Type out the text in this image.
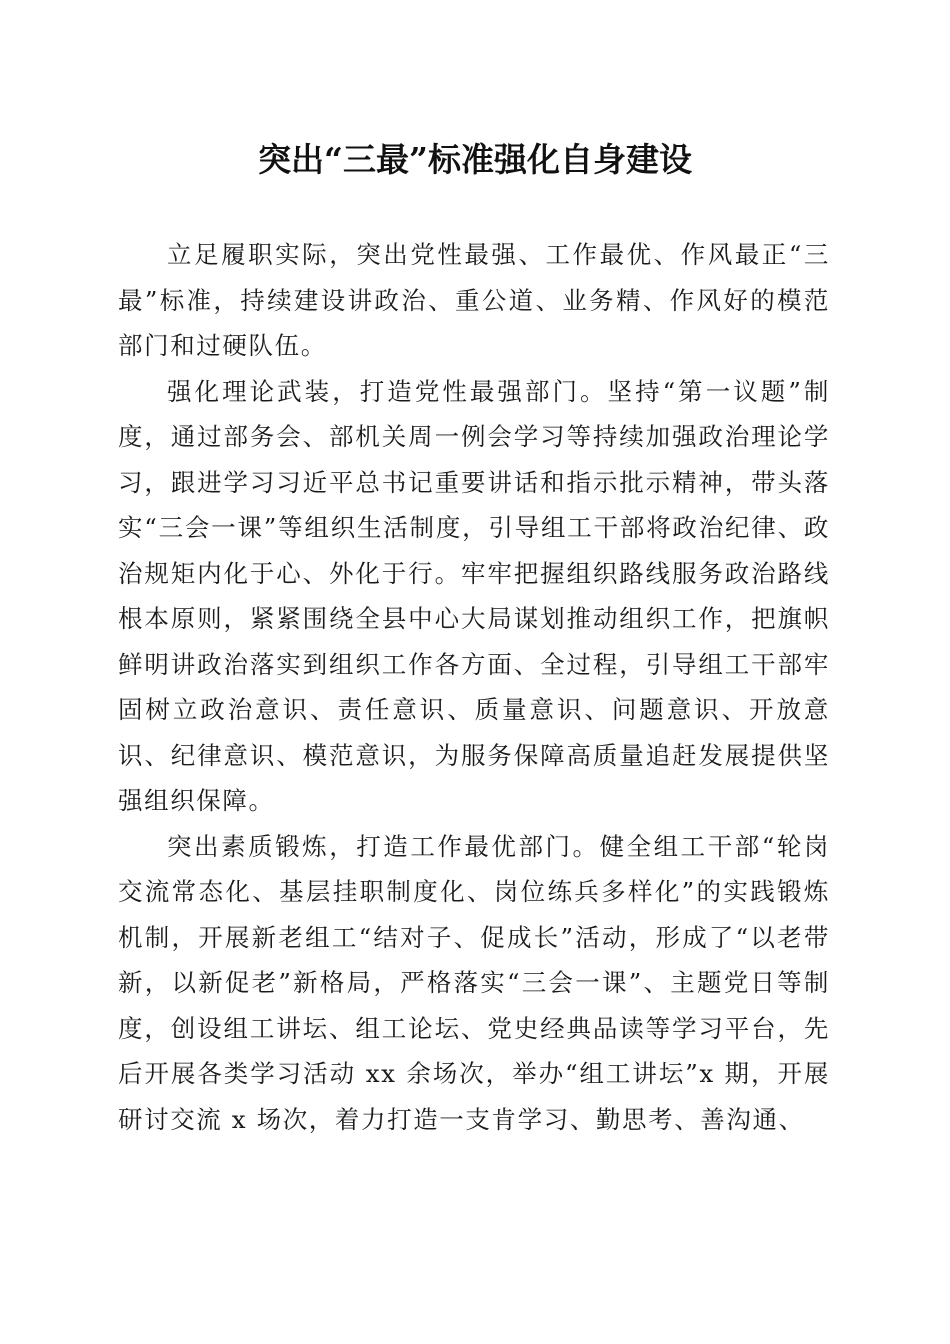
突出“三最”标准强化自身建设

立足履职实际，突出党性最强、工作最优、作风最正“三最”标准，持续建设讲政治、重公道、业务精、作风好的模范部门和过硬队伍。

强化理论武装，打造党性最强部门。坚持“第一议题”制度，通过部务会、部机关周一例会学习等持续加强政治理论学习，跟进学习习近平总书记重要讲话和指示批示精神，带头落实“三会一课”等组织生活制度，引导组工干部将政治纪律、政治规矩内化于心、外化于行。牢牢把握组织路线服务政治路线根本原则，紧紧围绕全县中心大局谋划推动组织工作，把旗帜鲜明讲政治落实到组织工作各方面、全过程，引导组工干部牢固树立政治意识、责任意识、质量意识、问题意识、开放意识、纪律意识、模范意识，为服务保障高质量追赶发展提供坚强组织保障。

突出素质锻炼，打造工作最优部门。健全组工干部“轮岗交流常态化、基层挂职制度化、岗位练兵多样化”的实践锻炼机制，开展新老组工“结对子、促成长”活动，形成了“以老带新，以新促老”新格局，严格落实“三会一课”、主题党日等制度，创设组工讲坛、组工论坛、党史经典品读等学习平台，先后开展各类学习活动 xx 余场次，举办“组工讲坛”x 期，开展研讨交流 x 场次，着力打造一支肯学习、勤思考、善沟通、
